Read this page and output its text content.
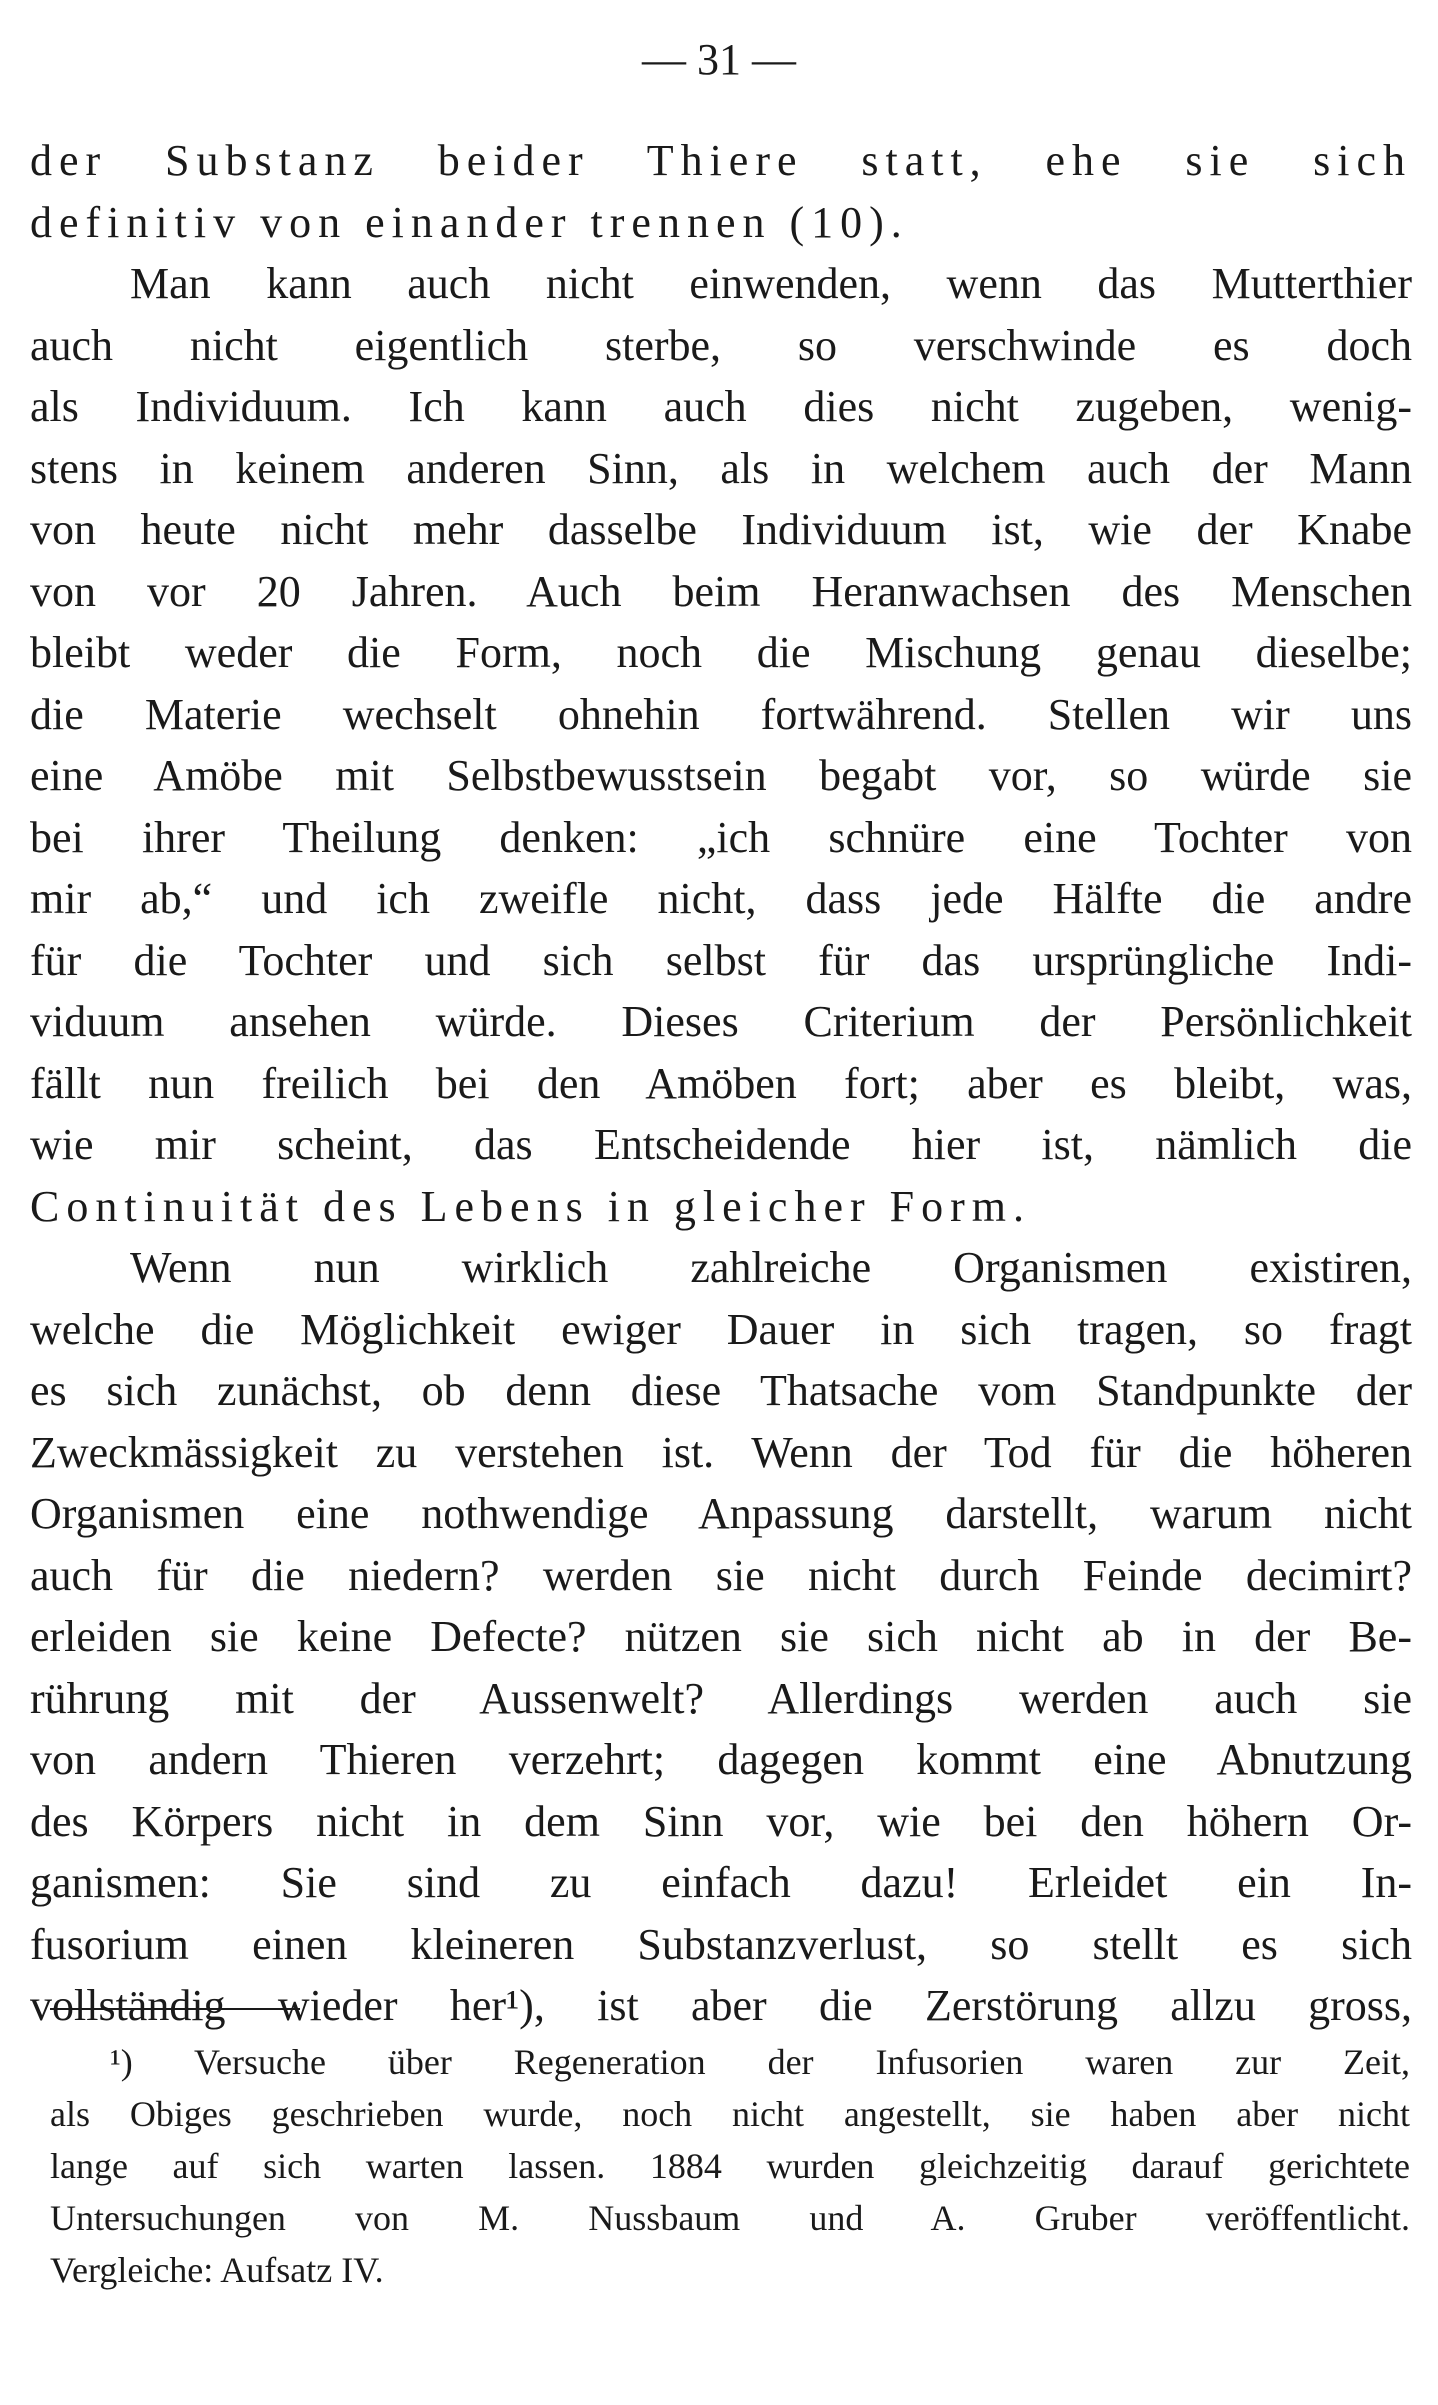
— 31 —
der Substanz beider Thiere statt, ehe sie sich
definitiv von einander trennen (10).
Man kann auch nicht einwenden, wenn das Mutterthier
auch nicht eigentlich sterbe, so verschwinde es doch
als Individuum. Ich kann auch dies nicht zugeben, wenig-
stens in keinem anderen Sinn, als in welchem auch der Mann
von heute nicht mehr dasselbe Individuum ist, wie der Knabe
von vor 20 Jahren. Auch beim Heranwachsen des Menschen
bleibt weder die Form, noch die Mischung genau dieselbe;
die Materie wechselt ohnehin fortwährend. Stellen wir uns
eine Amöbe mit Selbstbewusstsein begabt vor, so würde sie
bei ihrer Theilung denken: „ich schnüre eine Tochter von
mir ab,“ und ich zweifle nicht, dass jede Hälfte die andre
für die Tochter und sich selbst für das ursprüngliche Indi-
viduum ansehen würde. Dieses Criterium der Persönlichkeit
fällt nun freilich bei den Amöben fort; aber es bleibt, was,
wie mir scheint, das Entscheidende hier ist, nämlich die
Continuität des Lebens in gleicher Form.
Wenn nun wirklich zahlreiche Organismen existiren,
welche die Möglichkeit ewiger Dauer in sich tragen, so fragt
es sich zunächst, ob denn diese Thatsache vom Standpunkte der
Zweckmässigkeit zu verstehen ist. Wenn der Tod für die höheren
Organismen eine nothwendige Anpassung darstellt, warum nicht
auch für die niedern? werden sie nicht durch Feinde decimirt?
erleiden sie keine Defecte? nützen sie sich nicht ab in der Be-
rührung mit der Aussenwelt? Allerdings werden auch sie
von andern Thieren verzehrt; dagegen kommt eine Abnutzung
des Körpers nicht in dem Sinn vor, wie bei den höhern Or-
ganismen: Sie sind zu einfach dazu! Erleidet ein In-
fusorium einen kleineren Substanzverlust, so stellt es sich
vollständig wieder her¹), ist aber die Zerstörung allzu gross,
¹) Versuche über Regeneration der Infusorien waren zur Zeit,
als Obiges geschrieben wurde, noch nicht angestellt, sie haben aber nicht
lange auf sich warten lassen. 1884 wurden gleichzeitig darauf gerichtete
Untersuchungen von M. Nussbaum und A. Gruber veröffentlicht.
Vergleiche: Aufsatz IV.
